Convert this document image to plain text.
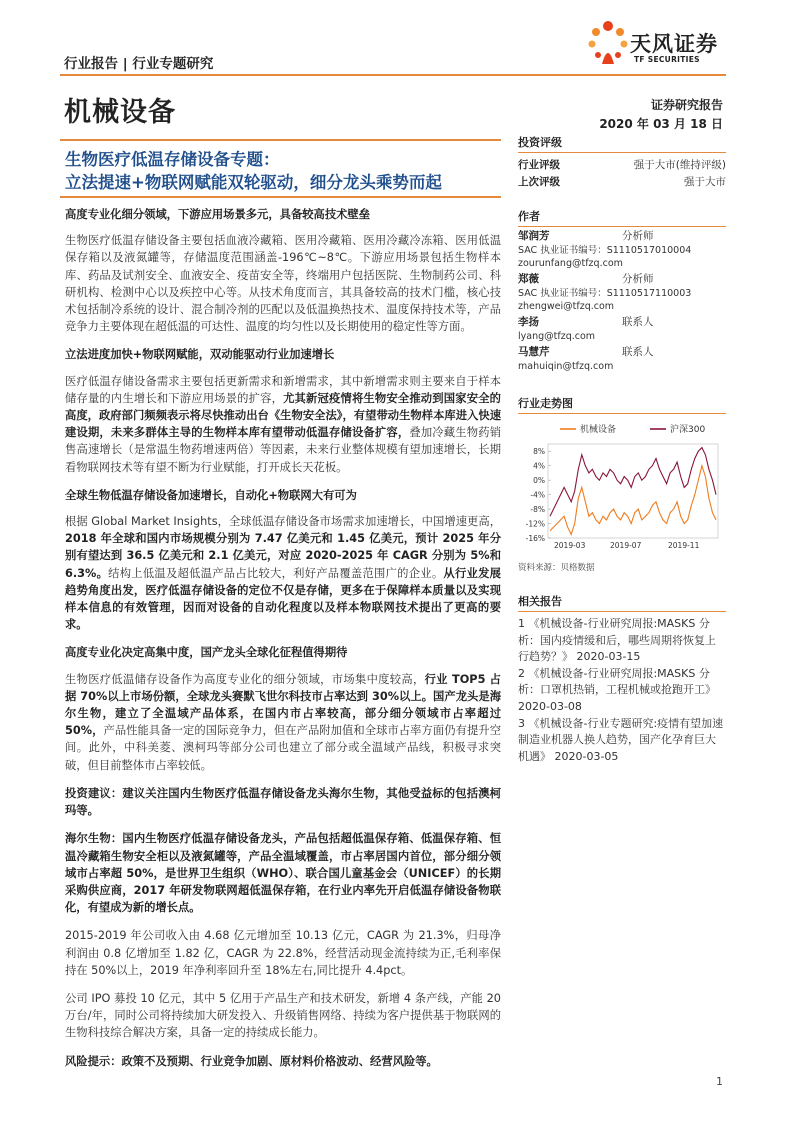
行业报告 | 行业专题研究
天风证券
TF SECURITIES
机械设备	证券研究报告
2020 年 03 月 18 日
生物医疗低温存储设备专题：
立法提速+物联网赋能双轮驱动，细分龙头乘势而起

高度专业化细分领域，下游应用场景多元，具备较高技术壁垒

生物医疗低温存储设备主要包括血液冷藏箱、医用冷藏箱、医用冷藏冷冻箱、医用低温保存箱以及液氮罐等，存储温度范围涵盖-196℃~8℃。下游应用场景包括生物样本库、药品及试剂安全、血液安全、疫苗安全等，终端用户包括医院、生物制药公司、科研机构、检测中心以及疾控中心等。从技术角度而言，其具备较高的技术门槛，核心技术包括制冷系统的设计、混合制冷剂的匹配以及低温换热技术、温度保持技术等，产品竞争力主要体现在超低温的可达性、温度的均匀性以及长期使用的稳定性等方面。

立法进度加快+物联网赋能，双动能驱动行业加速增长

医疗低温存储设备需求主要包括更新需求和新增需求，其中新增需求则主要来自于样本储存量的内生增长和下游应用场景的扩容，尤其新冠疫情将生物安全推动到国家安全的高度，政府部门频频表示将尽快推动出台《生物安全法》，有望带动生物样本库进入快速建设期，未来多群体主导的生物样本库有望带动低温存储设备扩容，叠加冷藏生物药销售高速增长（是常温生物药增速两倍）等因素，未来行业整体规模有望加速增长，长期看物联网技术等有望不断为行业赋能，打开成长天花板。

全球生物低温存储设备加速增长，自动化+物联网大有可为

根据 Global Market Insights，全球低温存储设备市场需求加速增长，中国增速更高，2018 年全球和国内市场规模分别为 7.47 亿美元和 1.45 亿美元，预计 2025 年分别有望达到 36.5 亿美元和 2.1 亿美元，对应 2020-2025 年 CAGR 分别为 5%和 6.3%。结构上低温及超低温产品占比较大，利好产品覆盖范围广的企业。从行业发展趋势角度出发，医疗低温存储设备的定位不仅是存储，更多在于保障样本质量以及实现样本信息的有效管理，因而对设备的自动化程度以及样本物联网技术提出了更高的要求。

高度专业化决定高集中度，国产龙头全球化征程值得期待

生物医疗低温储存设备作为高度专业化的细分领域，市场集中度较高，行业 TOP5 占据 70%以上市场份额，全球龙头赛默飞世尔科技市占率达到 30%以上。国产龙头是海尔生物，建立了全温域产品体系，在国内市占率较高，部分细分领域市占率超过 50%，产品性能具备一定的国际竞争力，但在产品附加值和全球市占率方面仍有提升空间。此外，中科美菱、澳柯玛等部分公司也建立了部分或全温域产品线，积极寻求突破，但目前整体市占率较低。

投资建议：建议关注国内生物医疗低温存储设备龙头海尔生物，其他受益标的包括澳柯玛等。

海尔生物：国内生物医疗低温存储设备龙头，产品包括超低温保存箱、低温保存箱、恒温冷藏箱生物安全柜以及液氮罐等，产品全温域覆盖，市占率居国内首位，部分细分领域市占率超 50%，是世界卫生组织（WHO）、联合国儿童基金会（UNICEF）的长期采购供应商，2017 年研发物联网超低温保存箱，在行业内率先开启低温存储设备物联化，有望成为新的增长点。

2015-2019 年公司收入由 4.68 亿元增加至 10.13 亿元，CAGR 为 21.3%，归母净利润由 0.8 亿增加至 1.82 亿，CAGR 为 22.8%，经营活动现金流持续为正,毛利率保持在 50%以上，2019 年净利率回升至 18%左右,同比提升 4.4pct。

公司 IPO 募投 10 亿元，其中 5 亿用于产品生产和技术研发，新增 4 条产线，产能 20 万台/年，同时公司将持续加大研发投入、升级销售网络、持续为客户提供基于物联网的生物科技综合解决方案，具备一定的持续成长能力。

风险提示：政策不及预期、行业竞争加剧、原材料价格波动、经营风险等。

投资评级
行业评级	强于大市(维持评级)
上次评级	强于大市
作者
邹润芳	分析师
SAC 执业证书编号：S1110517010004
zourunfang@tfzq.com
郑薇	分析师
SAC 执业证书编号：S1110517110003
zhengwei@tfzq.com
李扬	联系人
lyang@tfzq.com
马慧芹	联系人
mahuiqin@tfzq.com
行业走势图
机械设备	沪深300
8%
4%
0%
-4%
-8%
-12%
-16%
2019-03	2019-07	2019-11
资料来源：贝格数据
相关报告
1 《机械设备-行业研究周报:MASKS 分析：国内疫情缓和后，哪些周期将恢复上行趋势？》 2020-03-15
2 《机械设备-行业研究周报:MASKS 分析：口罩机热销，工程机械或抢跑开工》 2020-03-08
3 《机械设备-行业专题研究:疫情有望加速制造业机器人换人趋势，国产化孕育巨大机遇》 2020-03-05
1
